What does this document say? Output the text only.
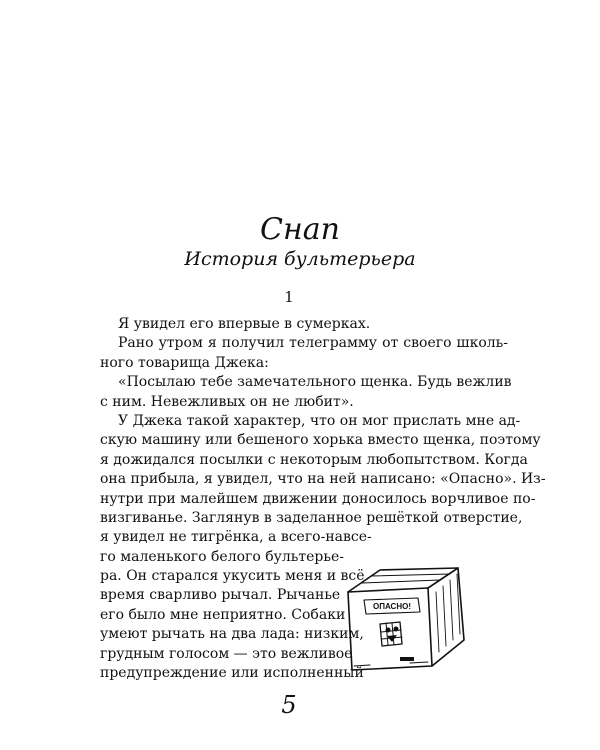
Снап
История бультерьера
1
Я увидел его впервые в сумерках.
Рано утром я получил телеграмму от своего школь-
ного товарища Джека:
«Посылаю тебе замечательного щенка. Будь вежлив
с ним. Невежливых он не любит».
У Джека такой характер, что он мог прислать мне ад-
скую машину или бешеного хорька вместо щенка, поэтому
я дожидался посылки с некоторым любопытством. Когда
она прибыла, я увидел, что на ней написано: «Опасно». Из-
нутри при малейшем движении доносилось ворчливое по-
визгиванье. Заглянув в заделанное решёткой отверстие,
я увидел не тигрёнка, а всего-навсе-
го маленького белого бультерье-
ра. Он старался укусить меня и всё
время сварливо рычал. Рычанье
его было мне неприятно. Собаки
умеют рычать на два лада: низким,
грудным голосом — это вежливое
предупреждение или исполненный
ОПАСНО!
5
